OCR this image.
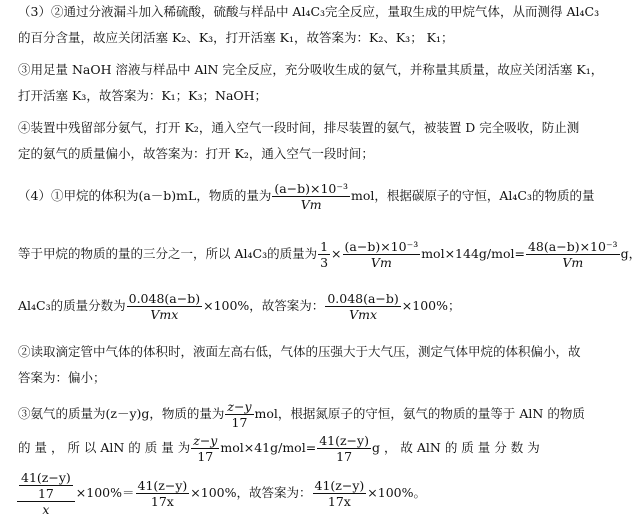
（3）②通过分液漏斗加入稀硫酸，硫酸与样品中 Al₄C₃完全反应，量取生成的甲烷气体，从而测得 Al₄C₃
的百分含量，故应关闭活塞 K₂、K₃，打开活塞 K₁，故答案为：K₂、K₃； K₁；
③用足量 NaOH 溶液与样品中 AlN 完全反应，充分吸收生成的氨气，并称量其质量，故应关闭活塞 K₁，
打开活塞 K₃，故答案为：K₁；K₃；NaOH；
④装置中残留部分氨气，打开 K₂，通入空气一段时间，排尽装置的氨气，被装置 D 完全吸收，防止测
定的氨气的质量偏小，故答案为：打开 K₂，通入空气一段时间；
（4）①甲烷的体积为(a－b)mL，物质的量为 $\frac{\text{(a−b)×10⁻³}}{Vm}$ mol，根据碳原子的守恒，Al₄C₃的物质的量
等于甲烷的物质的量的三分之一，所以 Al₄C₃的质量为 $\frac{1}{3} \times \frac{\text{(a−b)×10⁻³}}{Vm} mol\times 144g/mol= \frac{\text{48(a−b)×10⁻³}}{Vm}$ g，
Al₄C₃的质量分数为 $\frac{0.048(a-b)}{\text{Vmx}} \times 100\%$，故答案为： $\frac{0.048(a-b)}{\text{Vmx}} \times 100\%$；
②读取滴定管中气体的体积时，液面左高右低，气体的压强大于大气压，测定气体甲烷的体积偏小，故
答案为：偏小；
③氨气的质量为(z－y)g，物质的量为 $\frac{z-y}{17}$ mol，根据氮原子的守恒，氨气的物质的量等于 AlN 的物质
的 量 ， 所 以 AlN 的 质 量 为 $\frac{z-y}{17} mol\times 41g/mol= \frac{41(z-y)}{17}$ g ， 故 AlN 的 质 量 分 数 为
$\frac{\frac{41(z-y)}{17}}{x} \times 100\%= \frac{41(z-y)}{17x} \times 100\%$，故答案为： $\frac{41(z-y)}{17x} \times 100\%$。
